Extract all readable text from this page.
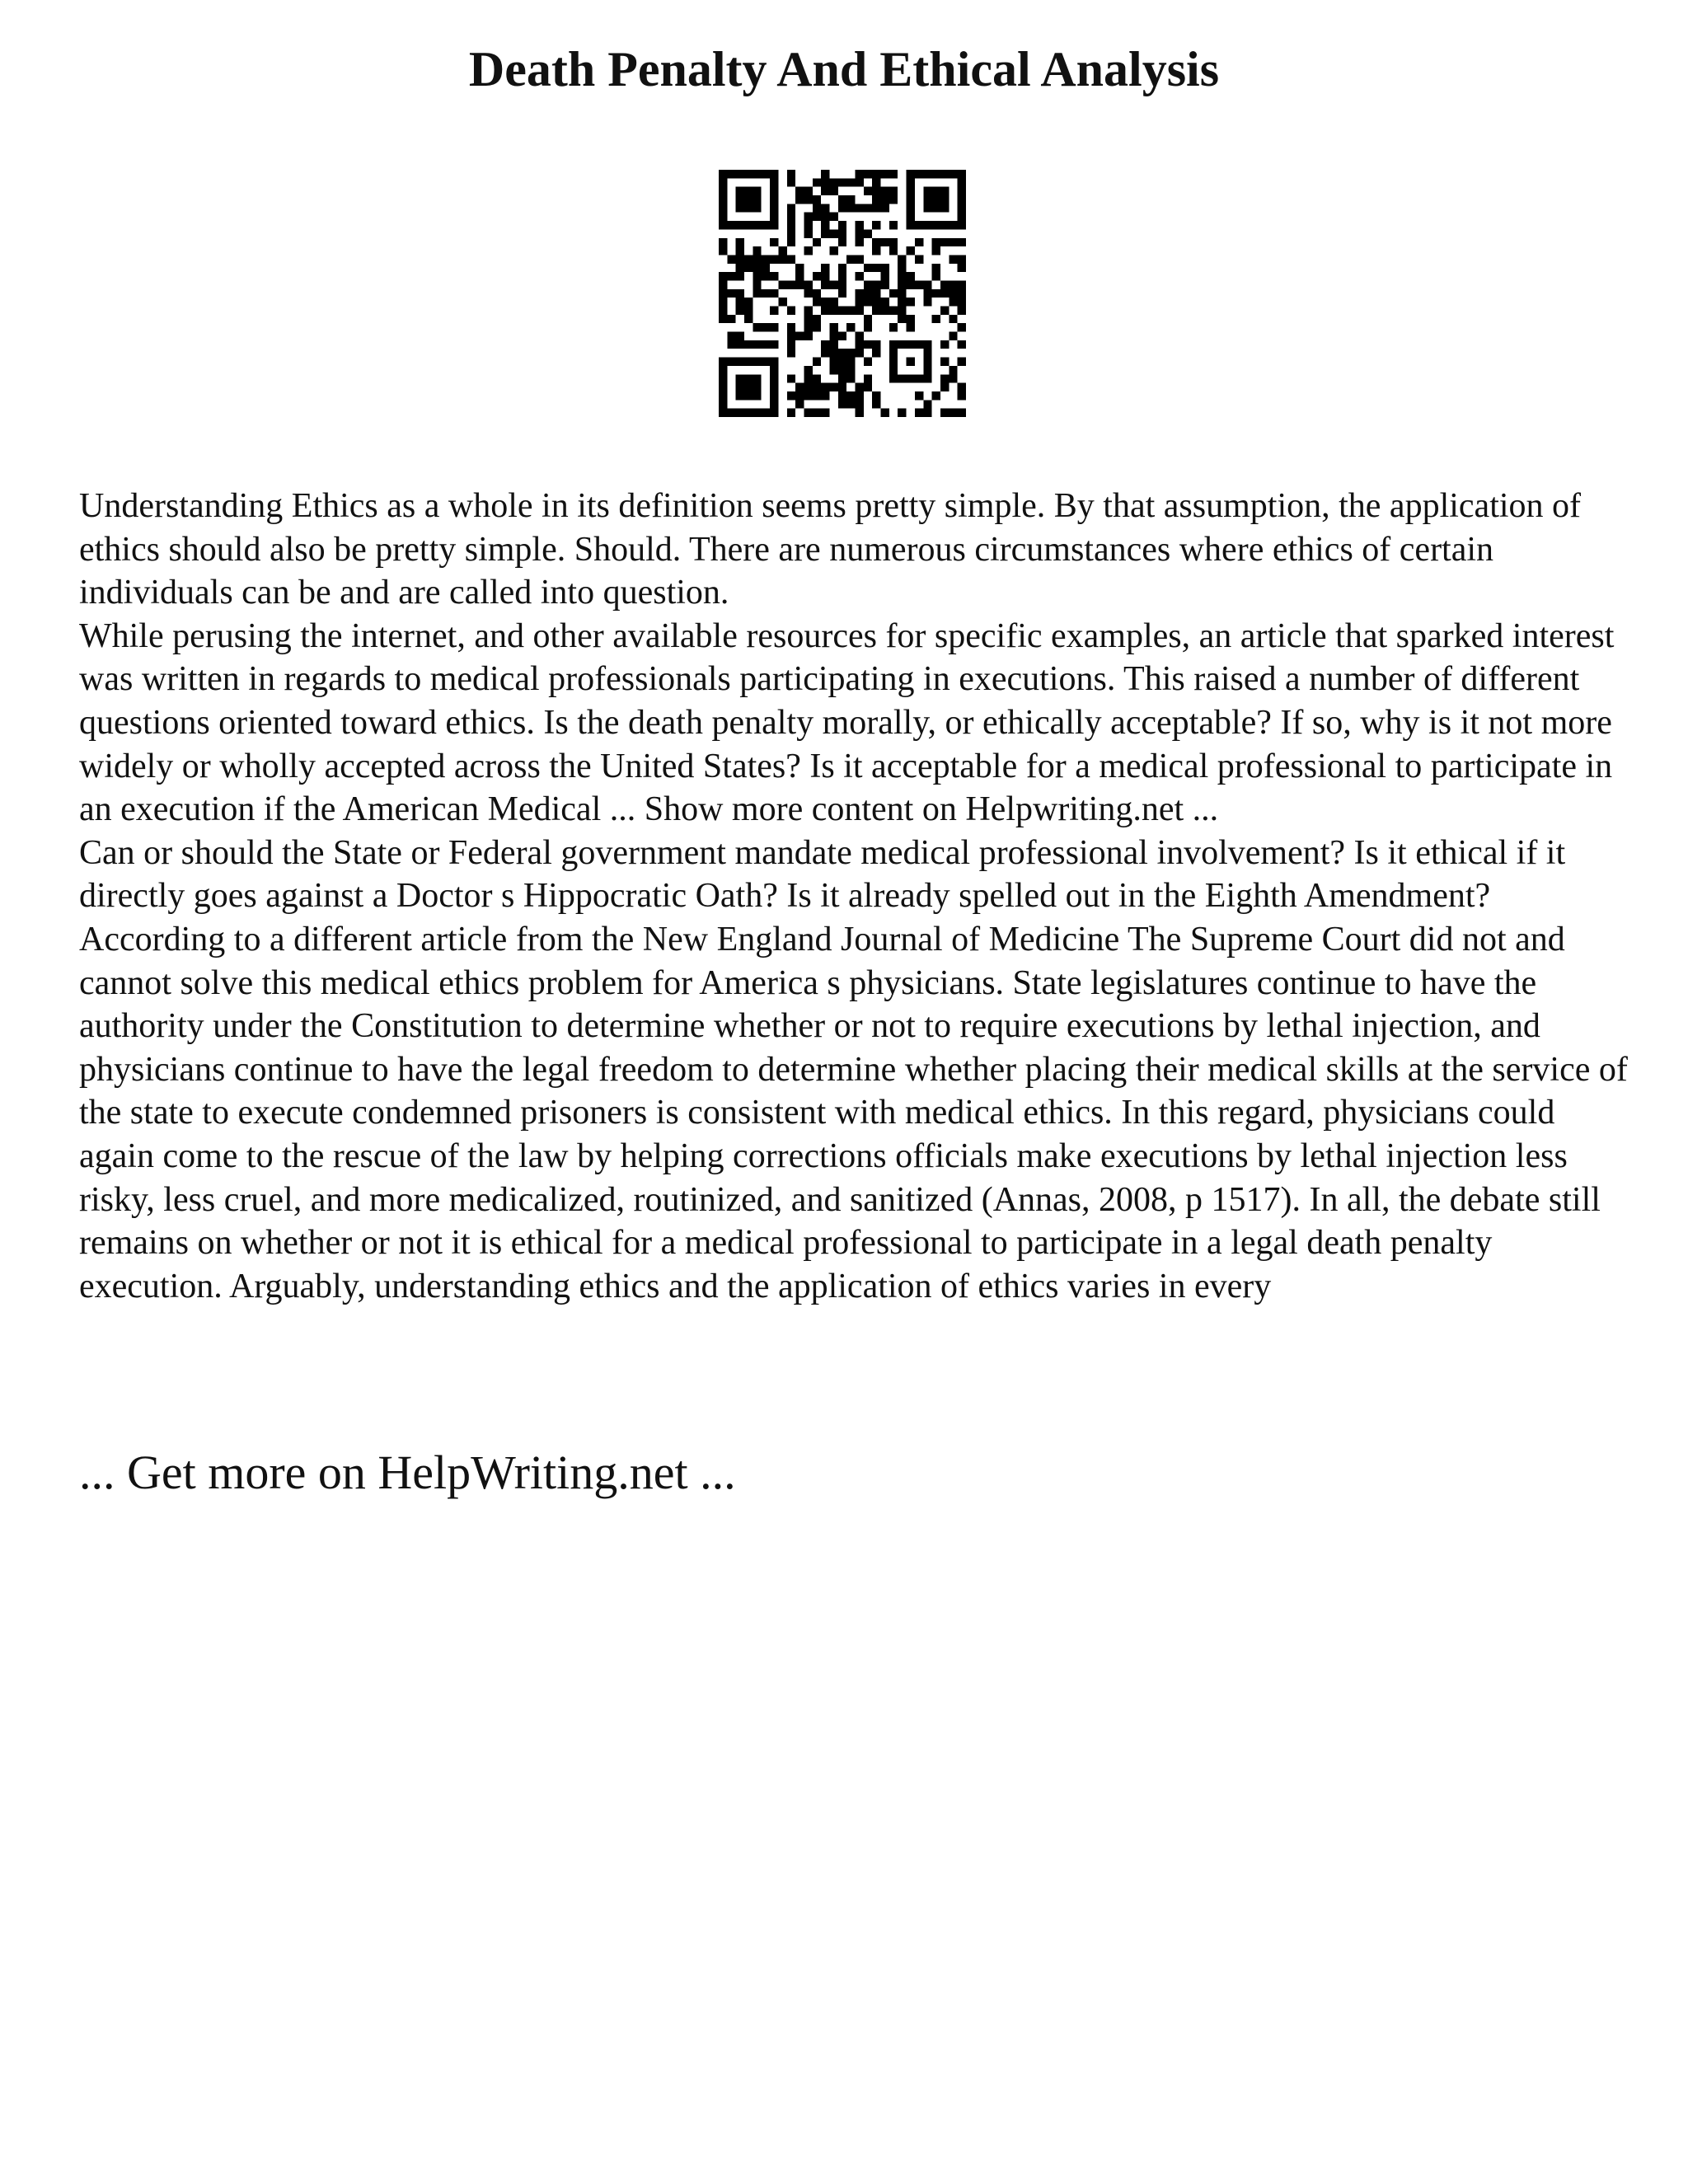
Death Penalty And Ethical Analysis

Understanding Ethics as a whole in its definition seems pretty simple. By that assumption, the application of ethics should also be pretty simple. Should. There are numerous circumstances where ethics of certain individuals can be and are called into question.

While perusing the internet, and other available resources for specific examples, an article that sparked interest was written in regards to medical professionals participating in executions. This raised a number of different questions oriented toward ethics. Is the death penalty morally, or ethically acceptable? If so, why is it not more widely or wholly accepted across the United States? Is it acceptable for a medical professional to participate in an execution if the American Medical ... Show more content on Helpwriting.net ...

Can or should the State or Federal government mandate medical professional involvement? Is it ethical if it directly goes against a Doctor s Hippocratic Oath? Is it already spelled out in the Eighth Amendment? According to a different article from the New England Journal of Medicine The Supreme Court did not and cannot solve this medical ethics problem for America s physicians. State legislatures continue to have the authority under the Constitution to determine whether or not to require executions by lethal injection, and physicians continue to have the legal freedom to determine whether placing their medical skills at the service of the state to execute condemned prisoners is consistent with medical ethics. In this regard, physicians could again come to the rescue of the law by helping corrections officials make executions by lethal injection less risky, less cruel, and more medicalized, routinized, and sanitized (Annas, 2008, p 1517). In all, the debate still remains on whether or not it is ethical for a medical professional to participate in a legal death penalty execution. Arguably, understanding ethics and the application of ethics varies in every

... Get more on HelpWriting.net ...
